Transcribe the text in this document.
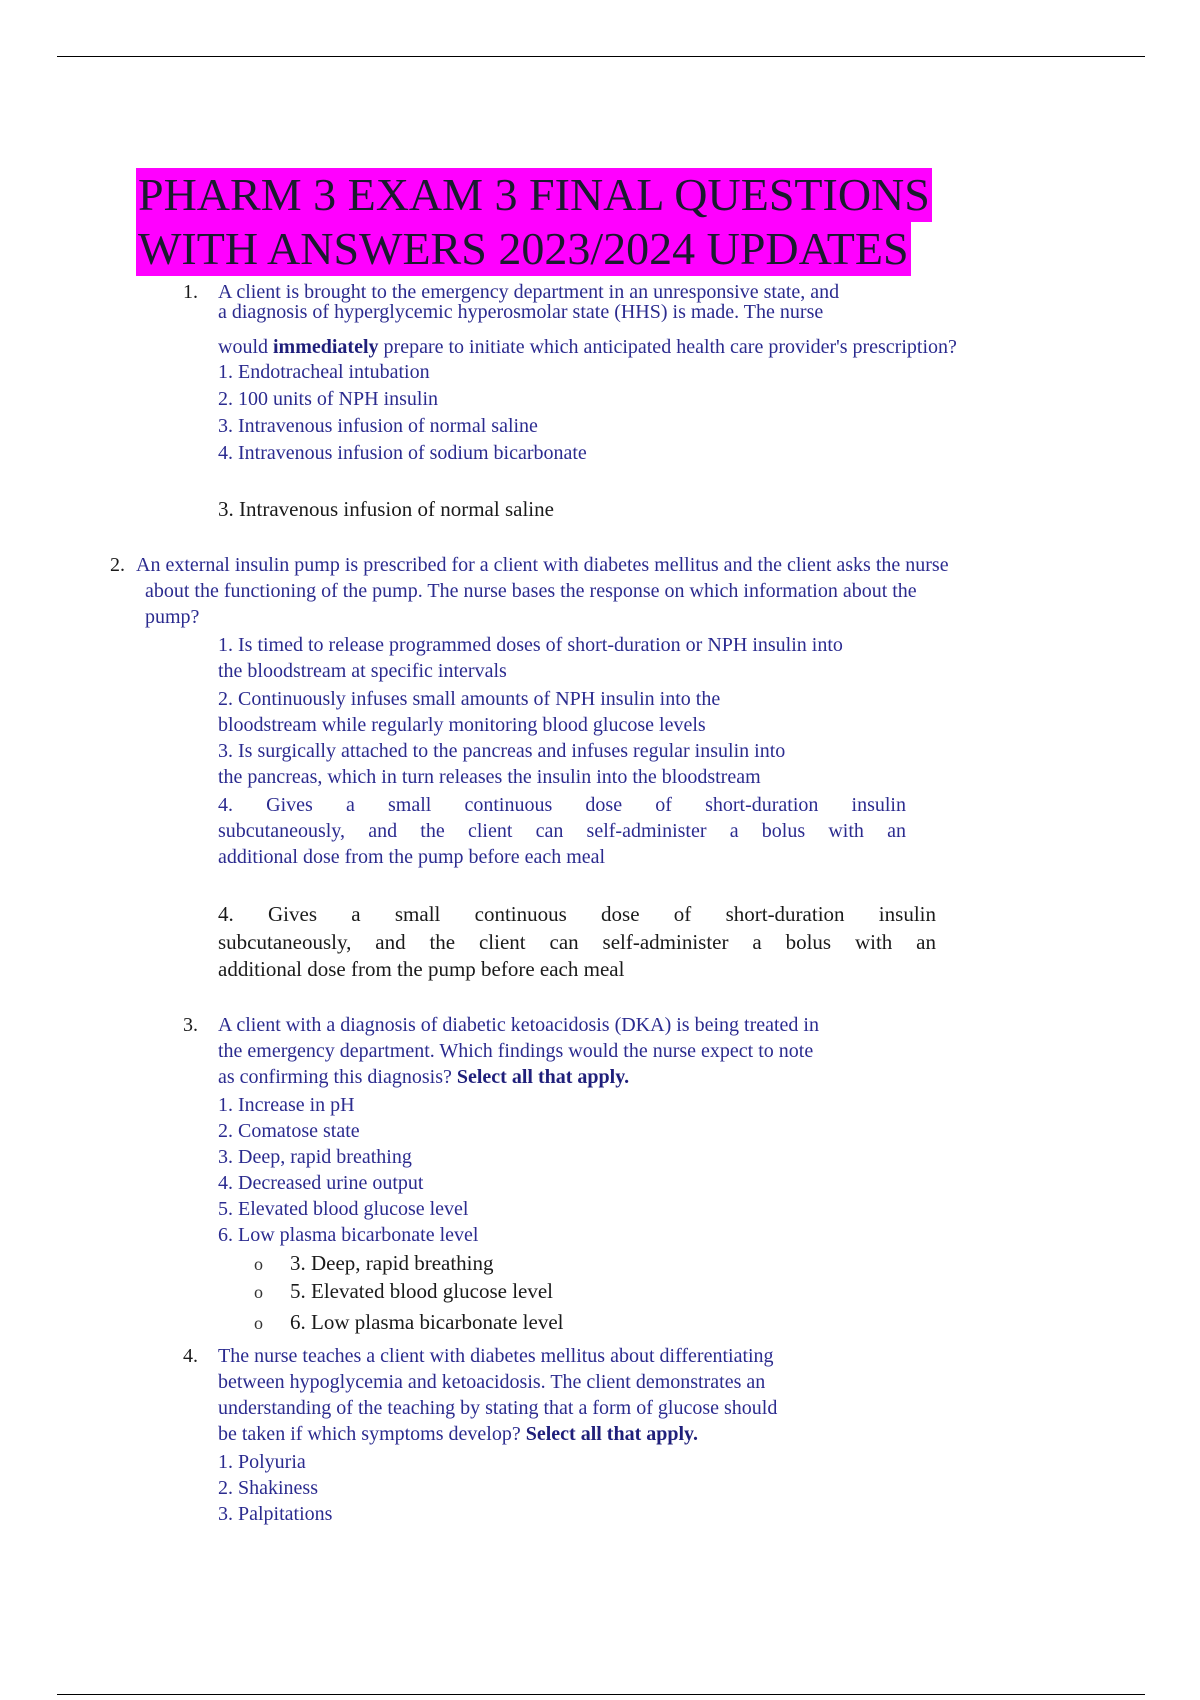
PHARM 3 EXAM 3 FINAL QUESTIONS
WITH ANSWERS 2023/2024 UPDATES
1. A client is brought to the emergency department in an unresponsive state, and
a diagnosis of hyperglycemic hyperosmolar state (HHS) is made. The nurse
would immediately prepare to initiate which anticipated health care provider's prescription?
1. Endotracheal intubation
2. 100 units of NPH insulin
3. Intravenous infusion of normal saline
4. Intravenous infusion of sodium bicarbonate
3. Intravenous infusion of normal saline
2. An external insulin pump is prescribed for a client with diabetes mellitus and the client asks the nurse
about the functioning of the pump. The nurse bases the response on which information about the
pump?
1. Is timed to release programmed doses of short-duration or NPH insulin into
the bloodstream at specific intervals
2. Continuously infuses small amounts of NPH insulin into the
bloodstream while regularly monitoring blood glucose levels
3. Is surgically attached to the pancreas and infuses regular insulin into
the pancreas, which in turn releases the insulin into the bloodstream
4. Gives a small continuous dose of short-duration insulin
subcutaneously, and the client can self-administer a bolus with an
additional dose from the pump before each meal
4. Gives a small continuous dose of short-duration insulin
subcutaneously, and the client can self-administer a bolus with an
additional dose from the pump before each meal
3. A client with a diagnosis of diabetic ketoacidosis (DKA) is being treated in
the emergency department. Which findings would the nurse expect to note
as confirming this diagnosis? Select all that apply.
1. Increase in pH
2. Comatose state
3. Deep, rapid breathing
4. Decreased urine output
5. Elevated blood glucose level
6. Low plasma bicarbonate level
o 3. Deep, rapid breathing
o 5. Elevated blood glucose level
o 6. Low plasma bicarbonate level
4. The nurse teaches a client with diabetes mellitus about differentiating
between hypoglycemia and ketoacidosis. The client demonstrates an
understanding of the teaching by stating that a form of glucose should
be taken if which symptoms develop? Select all that apply.
1. Polyuria
2. Shakiness
3. Palpitations
